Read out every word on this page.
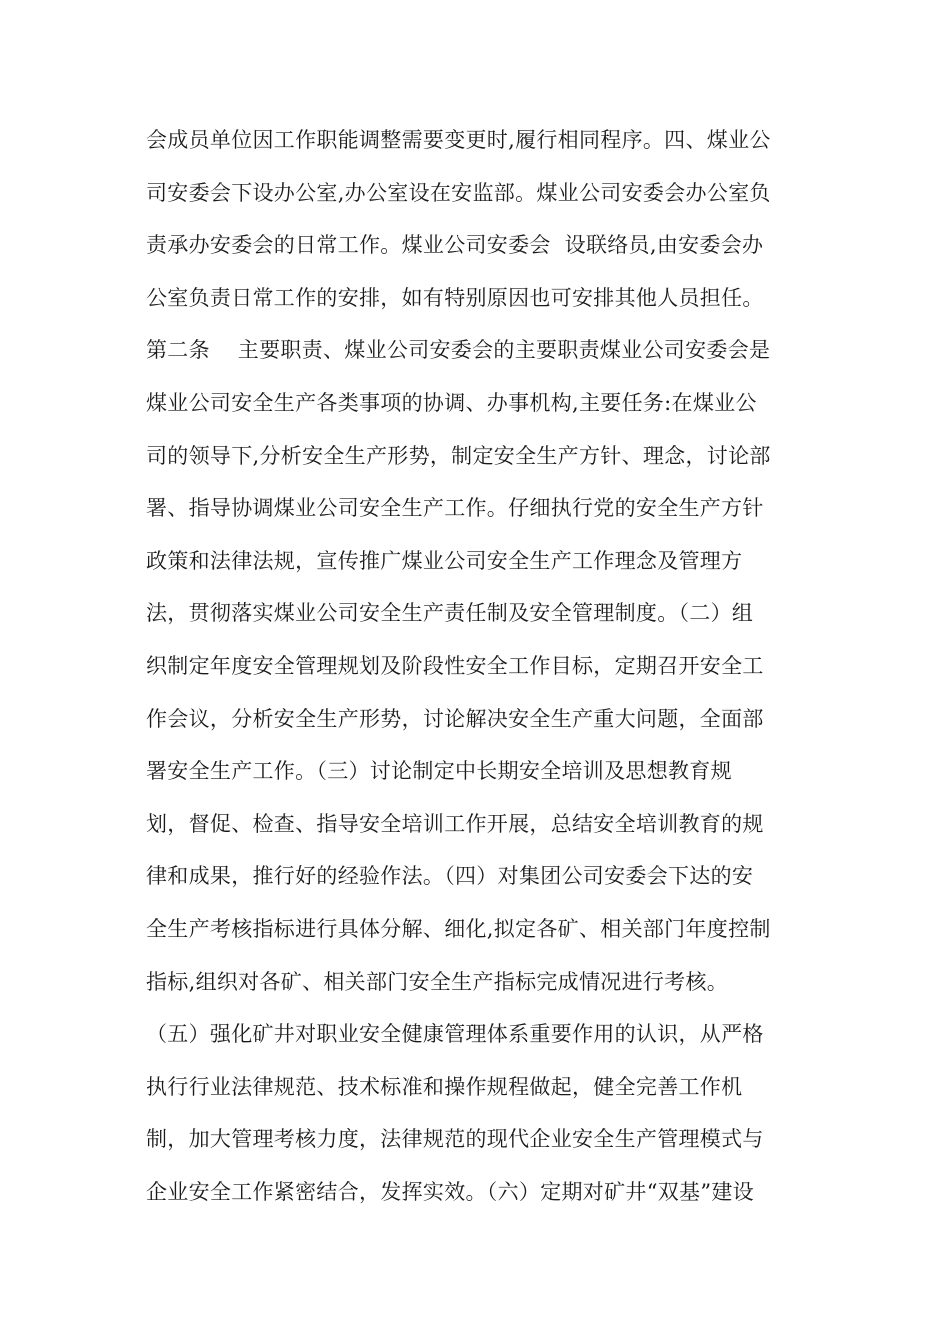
会成员单位因工作职能调整需要变更时,履行相同程序。四、煤业公
司安委会下设办公室,办公室设在安监部。煤业公司安委会办公室负
责承办安委会的日常工作。煤业公司安委会  设联络员,由安委会办
公室负责日常工作的安排，如有特别原因也可安排其他人员担任。
第二条    主要职责、煤业公司安委会的主要职责煤业公司安委会是
煤业公司安全生产各类事项的协调、办事机构,主要任务:在煤业公
司的领导下,分析安全生产形势，制定安全生产方针、理念，讨论部
署、指导协调煤业公司安全生产工作。仔细执行党的安全生产方针
政策和法律法规，宣传推广煤业公司安全生产工作理念及管理方
法，贯彻落实煤业公司安全生产责任制及安全管理制度。（二）组
织制定年度安全管理规划及阶段性安全工作目标，定期召开安全工
作会议，分析安全生产形势，讨论解决安全生产重大问题，全面部
署安全生产工作。（三）讨论制定中长期安全培训及思想教育规
划，督促、检查、指导安全培训工作开展，总结安全培训教育的规
律和成果，推行好的经验作法。（四）对集团公司安委会下达的安
全生产考核指标进行具体分解、细化,拟定各矿、相关部门年度控制
指标,组织对各矿、相关部门安全生产指标完成情况进行考核。
（五）强化矿井对职业安全健康管理体系重要作用的认识，从严格
执行行业法律规范、技术标准和操作规程做起，健全完善工作机
制，加大管理考核力度，法律规范的现代企业安全生产管理模式与
企业安全工作紧密结合，发挥实效。（六）定期对矿井“双基”建设
